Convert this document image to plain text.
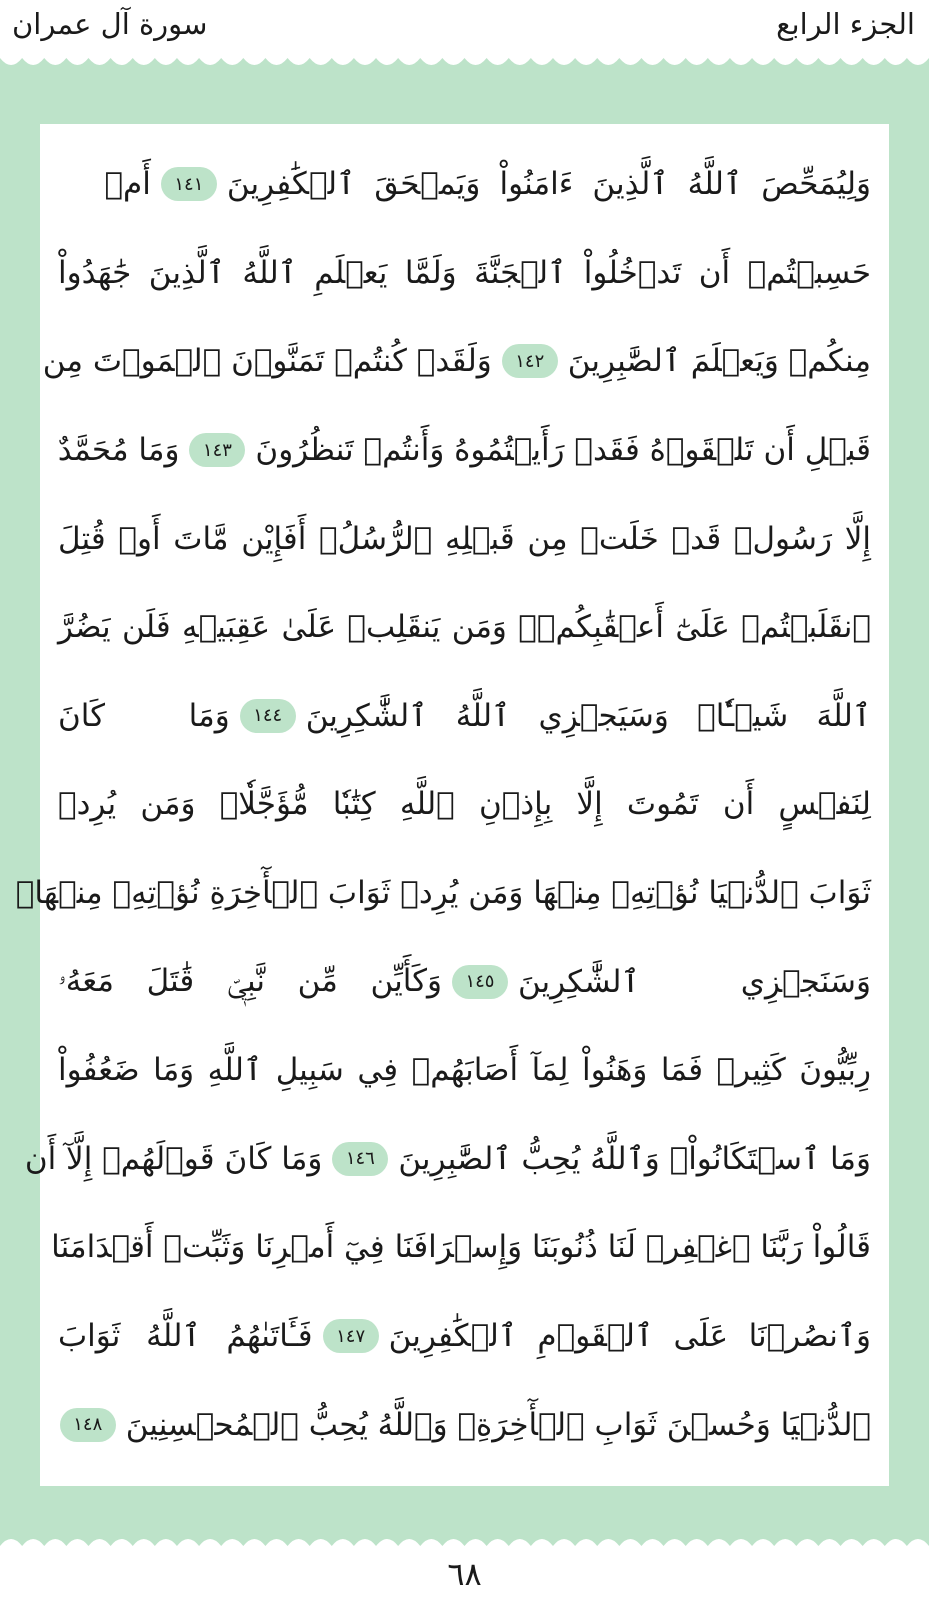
الجزء الرابع
سورة آل عمران
وَلِيُمَحِّصَ ٱللَّهُ ٱلَّذِينَ ءَامَنُواْ وَيَمۡحَقَ ٱلۡكَٰفِرِينَ
١٤١
أَمۡ
حَسِبۡتُمۡ أَن تَدۡخُلُواْ ٱلۡجَنَّةَ وَلَمَّا يَعۡلَمِ ٱللَّهُ ٱلَّذِينَ جَٰهَدُواْ
مِنكُمۡ وَيَعۡلَمَ ٱلصَّٰبِرِينَ
١٤٢
وَلَقَدۡ كُنتُمۡ تَمَنَّوۡنَ ٱلۡمَوۡتَ مِن
قَبۡلِ أَن تَلۡقَوۡهُ فَقَدۡ رَأَيۡتُمُوهُ وَأَنتُمۡ تَنظُرُونَ
١٤٣
وَمَا مُحَمَّدٌ
إِلَّا رَسُولٞ قَدۡ خَلَتۡ مِن قَبۡلِهِ ٱلرُّسُلُۚ أَفَإِيْن مَّاتَ أَوۡ قُتِلَ
ٱنقَلَبۡتُمۡ عَلَىٰٓ أَعۡقَٰبِكُمۡۚ وَمَن يَنقَلِبۡ عَلَىٰ عَقِبَيۡهِ فَلَن يَضُرَّ
ٱللَّهَ شَيۡـٔٗاۚ وَسَيَجۡزِي ٱللَّهُ ٱلشَّٰكِرِينَ
١٤٤
وَمَا كَانَ
لِنَفۡسٍ أَن تَمُوتَ إِلَّا بِإِذۡنِ ٱللَّهِ كِتَٰبٗا مُّؤَجَّلٗاۗ وَمَن يُرِدۡ
ثَوَابَ ٱلدُّنۡيَا نُؤۡتِهِۦ مِنۡهَا وَمَن يُرِدۡ ثَوَابَ ٱلۡأٓخِرَةِ نُؤۡتِهِۦ مِنۡهَاۚ
وَسَنَجۡزِي ٱلشَّٰكِرِينَ
١٤٥
وَكَأَيِّن مِّن نَّبِيّٖ قَٰتَلَ مَعَهُۥ
رِبِّيُّونَ كَثِيرٞ فَمَا وَهَنُواْ لِمَآ أَصَابَهُمۡ فِي سَبِيلِ ٱللَّهِ وَمَا ضَعُفُواْ
وَمَا ٱسۡتَكَانُواْۗ وَٱللَّهُ يُحِبُّ ٱلصَّٰبِرِينَ
١٤٦
وَمَا كَانَ قَوۡلَهُمۡ إِلَّآ أَن
قَالُواْ رَبَّنَا ٱغۡفِرۡ لَنَا ذُنُوبَنَا وَإِسۡرَافَنَا فِيٓ أَمۡرِنَا وَثَبِّتۡ أَقۡدَامَنَا
وَٱنصُرۡنَا عَلَى ٱلۡقَوۡمِ ٱلۡكَٰفِرِينَ
١٤٧
فَـَٔاتَىٰهُمُ ٱللَّهُ ثَوَابَ
ٱلدُّنۡيَا وَحُسۡنَ ثَوَابِ ٱلۡأٓخِرَةِۗ وَٱللَّهُ يُحِبُّ ٱلۡمُحۡسِنِينَ
١٤٨
٦٨
